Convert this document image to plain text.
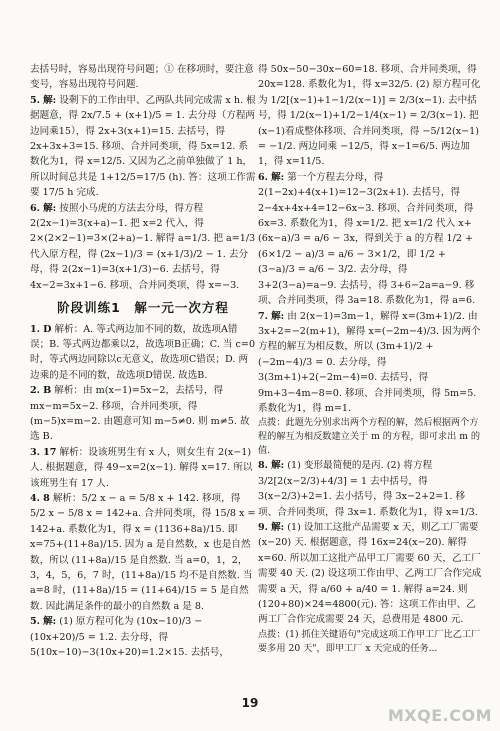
去括号时，容易出现符号问题；① 在移项时，要注意变号，容易出现符号问题.

5. 解: 设剩下的工作由甲、乙两队共同完成需 x h. 根据题意，得 2x/7.5 + (x+1)/5 = 1. 去分母（方程两边同乘15），得 2x+3(x+1)=15. 去括号，得 2x+3x+3=15. 移项、合并同类项，得 5x=12. 系数化为1，得 x=12/5. 又因为乙之前单独做了 1 h，所以时间总共是 1+12/5=17/5 (h). 答：这项工作需要 17/5 h 完成.

6. 解: 按照小马虎的方法去分母，得方程 2(2x−1)=3(x+a)−1. 把 x=2 代入，得 2×(2×2−1)=3×(2+a)−1. 解得 a=1/3. 把 a=1/3 代入原方程，得 (2x−1)/3 = (x+1/3)/2 − 1. 去分母，得 2(2x−1)=3(x+1/3)−6. 去括号，得 4x−2=3x+1−6. 移项、合并同类项，得 x=−3.

阶段训练1　解一元一次方程

1. D 解析：A. 等式两边加不同的数，故选项A错误；B. 等式两边都乘以2，故选项B正确；C. 当 c=0 时，等式两边同除以c无意义，故选项C错误；D. 两边乘的是不同的数，故选项D错误. 故选B.

2. B 解析：由 m(x−1)=5x−2，去括号，得 mx−m=5x−2. 移项，合并同类项，得 (m−5)x=m−2. 由题意可知 m−5≠0. 则 m≠5. 故选 B.

3. 17 解析：设该班男生有 x 人，则女生有 2(x−1) 人. 根据题意，得 49−x=2(x−1). 解得 x=17. 所以该班男生有 17 人.

4. 8 解析：5/2 x − a = 5/8 x + 142. 移项，得 5/2 x − 5/8 x = 142+a. 合并同类项，得 15/8 x = 142+a. 系数化为1，得 x = (1136+8a)/15. 即 x=75+(11+8a)/15. 因为 a 是自然数，x 也是自然数，所以 (11+8a)/15 是自然数. 当 a=0，1，2，3，4，5，6，7 时，(11+8a)/15 均不是自然数. 当 a=8 时，(11+8a)/15 = (11+64)/15 = 5 是自然数. 因此满足条件的最小的自然数 a 是 8.

5. 解: (1) 原方程可化为 (10x−10)/3 − (10x+20)/5 = 1.2. 去分母，得 5(10x−10)−3(10x+20)=1.2×15. 去括号，

得 50x−50−30x−60=18. 移项、合并同类项，得 20x=128. 系数化为1，得 x=32/5. (2) 原方程可化为 1/2[(x−1)+1−1/2(x−1)] = 2/3(x−1). 去中括号，得 1/2(x−1)+1/2−1/4(x−1) = 2/3(x−1). 把(x−1)看成整体移项、合并同类项，得 −5/12(x−1) = −1/2. 两边同乘 −12/5，得 x−1=6/5. 两边加1，得 x=11/5.

6. 解: 第一个方程去分母，得 2(1−2x)+4(x+1)=12−3(2x+1). 去括号，得 2−4x+4x+4=12−6x−3. 移项、合并同类项，得 6x=3. 系数化为1，得 x=1/2. 把 x=1/2 代入 x+(6x−a)/3 = a/6 − 3x，得到关于 a 的方程 1/2 + (6×1/2 − a)/3 = a/6 − 3×1/2，即 1/2 + (3−a)/3 = a/6 − 3/2. 去分母，得 3+2(3−a)=a−9. 去括号，得 3+6−2a=a−9. 移项、合并同类项，得 3a=18. 系数化为1，得 a=6.

7. 解: 由 2(x−1)=3m−1，解得 x=(3m+1)/2. 由 3x+2=−2(m+1)，解得 x=(−2m−4)/3. 因为两个方程的解互为相反数，所以 (3m+1)/2 + (−2m−4)/3 = 0. 去分母，得 3(3m+1)+2(−2m−4)=0. 去括号，得 9m+3−4m−8=0. 移项、合并同类项，得 5m=5. 系数化为1，得 m=1.

点拨：此题先分别求出两个方程的解，然后根据两个方程的解互为相反数建立关于 m 的方程，即可求出 m 的值.

8. 解: (1) 变形最简便的是丙. (2) 将方程 3/2[2(x−2/3)+4/3] = 1 去中括号，得 3(x−2/3)+2=1. 去小括号，得 3x−2+2=1. 移项、合并同类项，得 3x=1. 系数化为1，得 x=1/3.

9. 解: (1) 设加工这批产品需要 x 天，则乙工厂需要 (x−20) 天. 根据题意，得 16x=24(x−20). 解得 x=60. 所以加工这批产品甲工厂需要 60 天，乙工厂需要 40 天. (2) 设这项工作由甲、乙两工厂合作完成需要 a 天，得 a/60 + a/40 = 1. 解得 a=24. 则 (120+80)×24=4800(元). 答：这项工作由甲、乙两工厂合作完成需要 24 天，总费用是 4800 元.

点拨：(1) 抓住关键语句"完成这项工作甲工厂比乙工厂要多用 20 天"，即甲工厂 x 天完成的任务...

19
MXQE.COM
